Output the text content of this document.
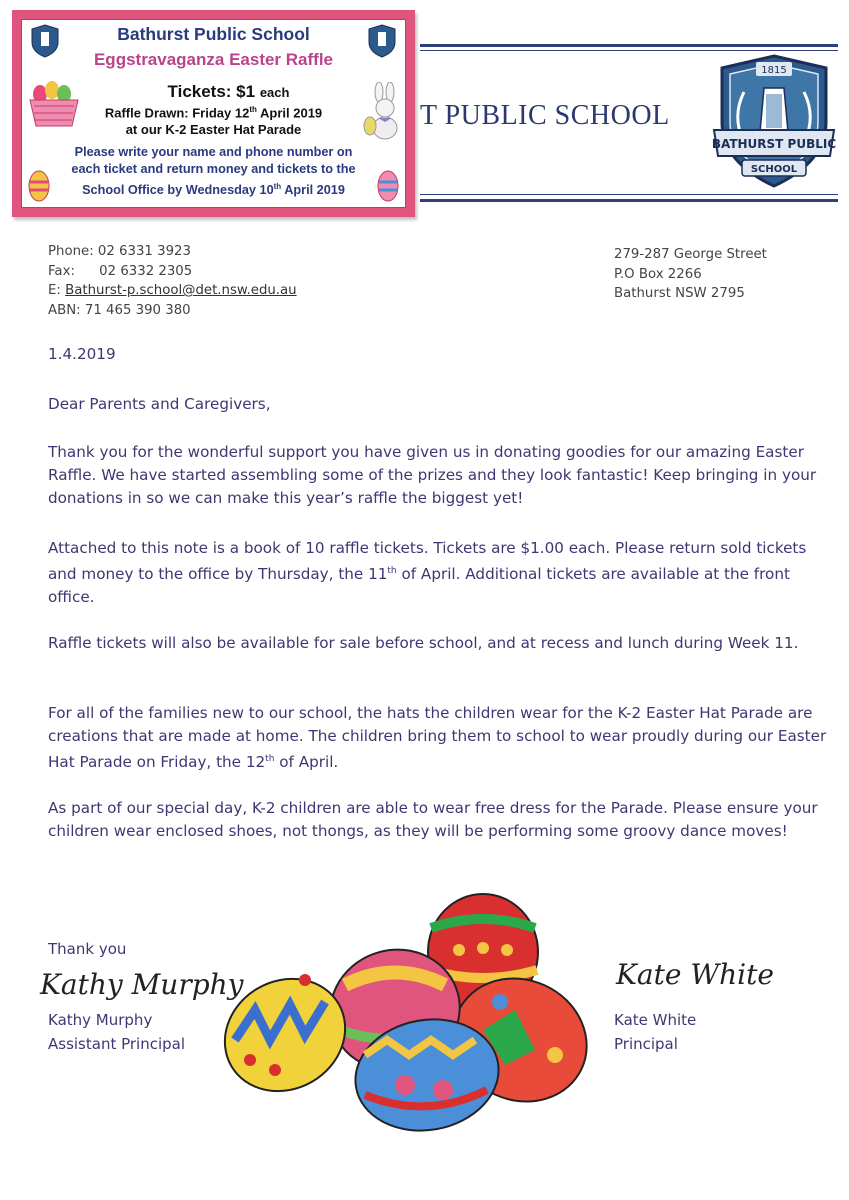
T PUBLIC SCHOOL
1815
BATHURST PUBLIC
SCHOOL
Bathurst Public School
Eggstravaganza Easter Raffle
Tickets: $1 each
Raffle Drawn: Friday 12th April 2019
at our K-2 Easter Hat Parade
Please write your name and phone number on
each ticket and return money and tickets to the
School Office by Wednesday 10th April 2019
Phone: 02 6331 3923
Fax: 02 6332 2305
E: Bathurst-p.school@det.nsw.edu.au
ABN: 71 465 390 380
279-287 George Street
P.O Box 2266
Bathurst NSW 2795
1.4.2019
Dear Parents and Caregivers,
Thank you for the wonderful support you have given us in donating goodies for our amazing Easter Raffle. We have started assembling some of the prizes and they look fantastic! Keep bringing in your donations in so we can make this year’s raffle the biggest yet!
Attached to this note is a book of 10 raffle tickets. Tickets are $1.00 each. Please return sold tickets and money to the office by Thursday, the 11th of April. Additional tickets are available at the front office.
Raffle tickets will also be available for sale before school, and at recess and lunch during Week 11.
For all of the families new to our school, the hats the children wear for the K-2 Easter Hat Parade are creations that are made at home. The children bring them to school to wear proudly during our Easter Hat Parade on Friday, the 12th of April.
As part of our special day, K-2 children are able to wear free dress for the Parade. Please ensure your children wear enclosed shoes, not thongs, as they will be performing some groovy dance moves!
Thank you
Kathy Murphy
Kathy Murphy
Assistant Principal
Kate White
Kate White
Principal
